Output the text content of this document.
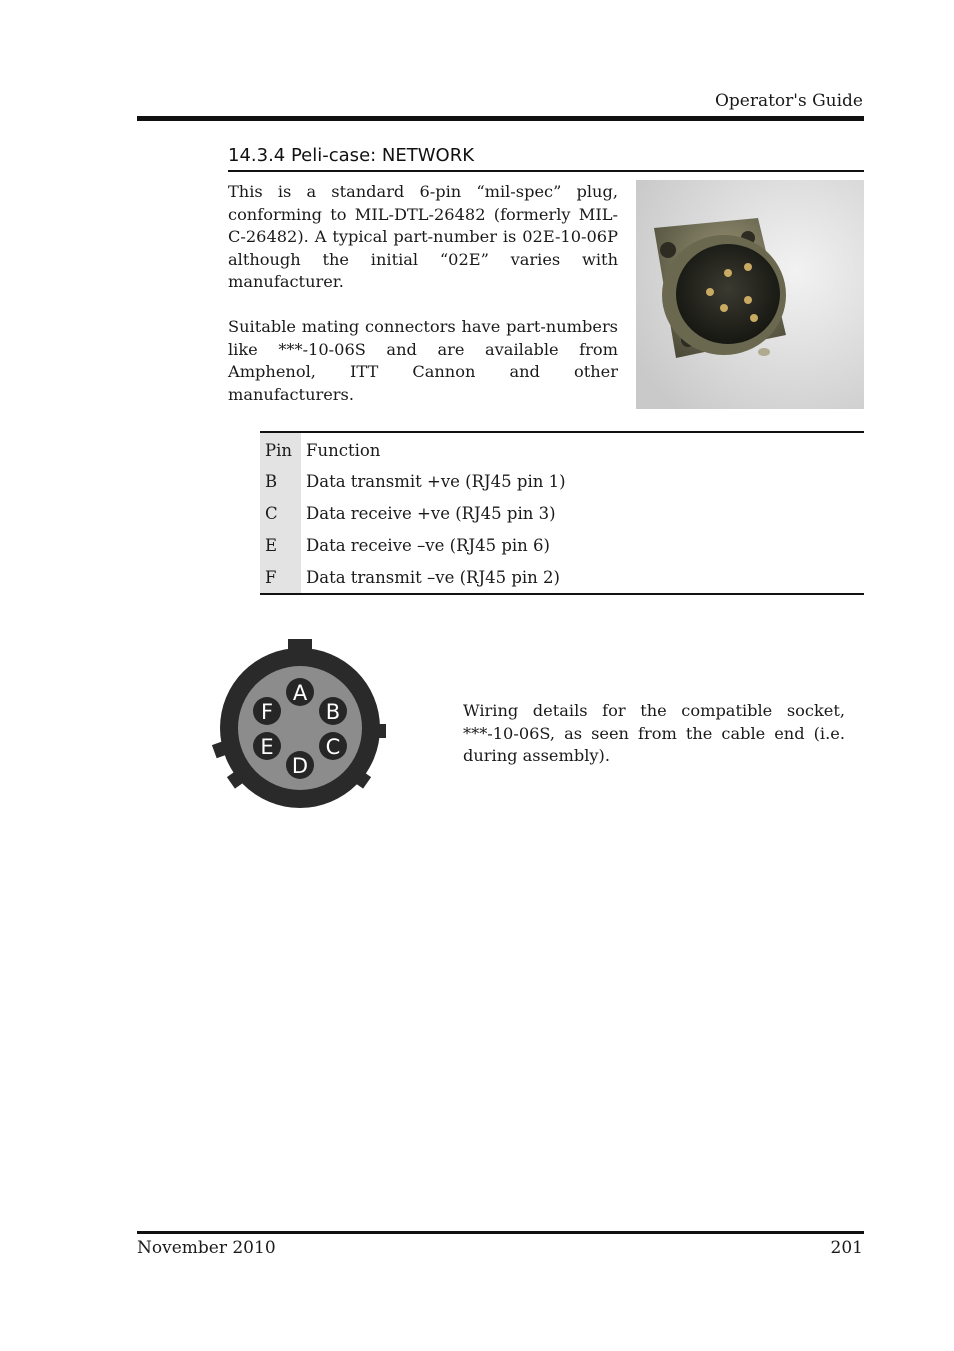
Operator's Guide
14.3.4 Peli-case: NETWORK

This is a standard 6-pin “mil-spec” plug, conforming to MIL-DTL-26482 (formerly MIL-C-26482). A typical part-number is 02E-10-06P although the initial “02E” varies with manufacturer.

Suitable mating connectors have part-numbers like ***-10-06S and are available from Amphenol, ITT Cannon and other manufacturers.

Pin Function
B	Data transmit +ve (RJ45 pin 1)
C	Data receive +ve (RJ45 pin 3)
E	Data receive –ve (RJ45 pin 6)
F	Data transmit –ve (RJ45 pin 2)
A
B
C
D
E
F	Wiring details for the compatible socket, ***-10-06S, as seen from the cable end (i.e. during assembly).

November 2010	201
